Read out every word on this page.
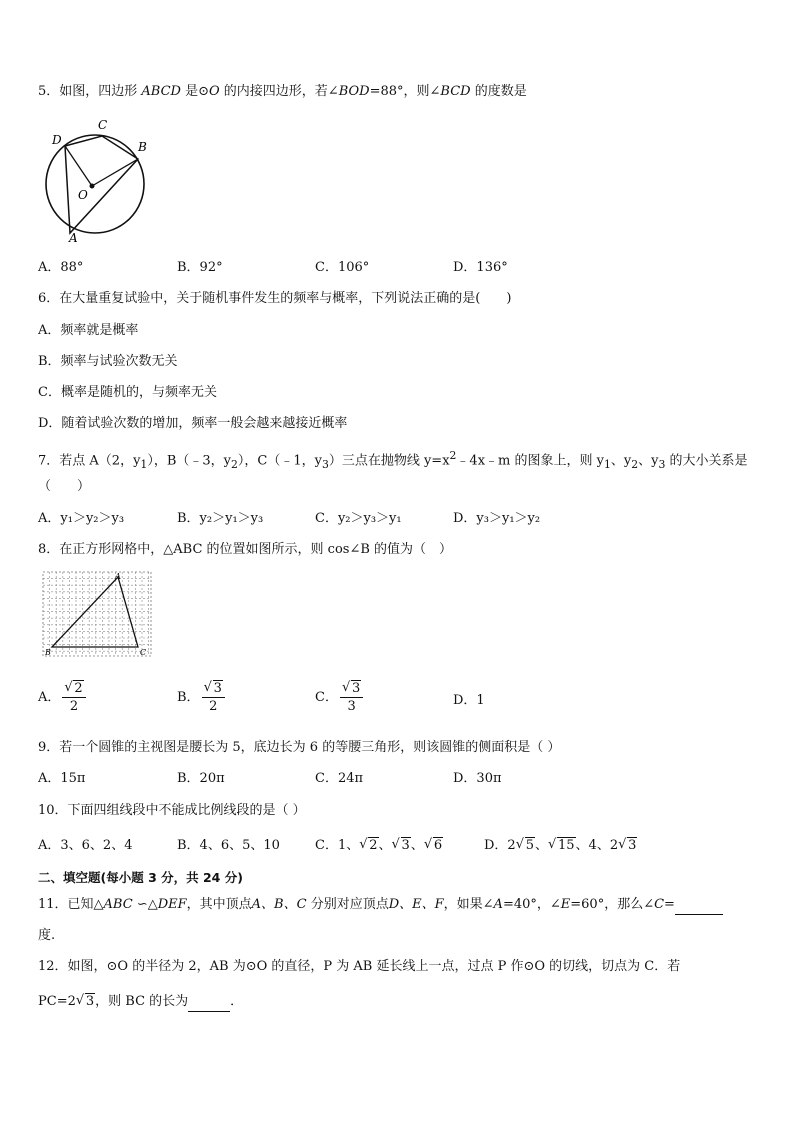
5．如图，四边形 ABCD 是⊙O 的内接四边形，若∠BOD=88°，则∠BCD 的度数是
D
C
B
O
A
A．88°	B．92°	C．106°	D．136°
6．在大量重复试验中，关于随机事件发生的频率与概率，下列说法正确的是(　　)
A．频率就是概率
B．频率与试验次数无关
C．概率是随机的，与频率无关
D．随着试验次数的增加，频率一般会越来越接近概率
7．若点 A（2，$y_1$），B（﹣3，$y_2$），C（﹣1，$y_3$）三点在抛物线 $y=x^2﹣4x﹣m$ 的图象上，则 $y_1$、$y_2$、$y_3$ 的大小关系是
（　　）
A．y₁＞y₂＞y₃	B．y₂＞y₁＞y₃	C．y₂＞y₃＞y₁	D．y₃＞y₁＞y₂
8．在正方形网格中，△ABC 的位置如图所示，则 cos∠B 的值为（　）
A
B	C
A． √ $\frac{2}{2}$	B． √ $\frac{3}{2}$	C． √ $\frac{3}{3}$	D．1
9．若一个圆锥的主视图是腰长为 5，底边长为 6 的等腰三角形，则该圆锥的侧面积是（ ）
A．15π	B．20π	C．24π	D．30π
10．下面四组线段中不能成比例线段的是（ ）
A．3、6、2、4	B．4、6、5、10	C．1、 √ 2、 √ 3、 √ 6	D．2 √ 5、 √ 15、4、2 √ 3
二、填空题(每小题 3 分，共 24 分)
11．已知△ABC ∽△DEF，其中顶点A、B、C 分别对应顶点D、E、F，如果∠A=40°，∠E=60°，那么∠C=
度.
12．如图，⊙O 的半径为 2，AB 为⊙O 的直径，P 为 AB 延长线上一点，过点 P 作⊙O 的切线，切点为 C．若
PC=2 √ 3，则 BC 的长为	．
